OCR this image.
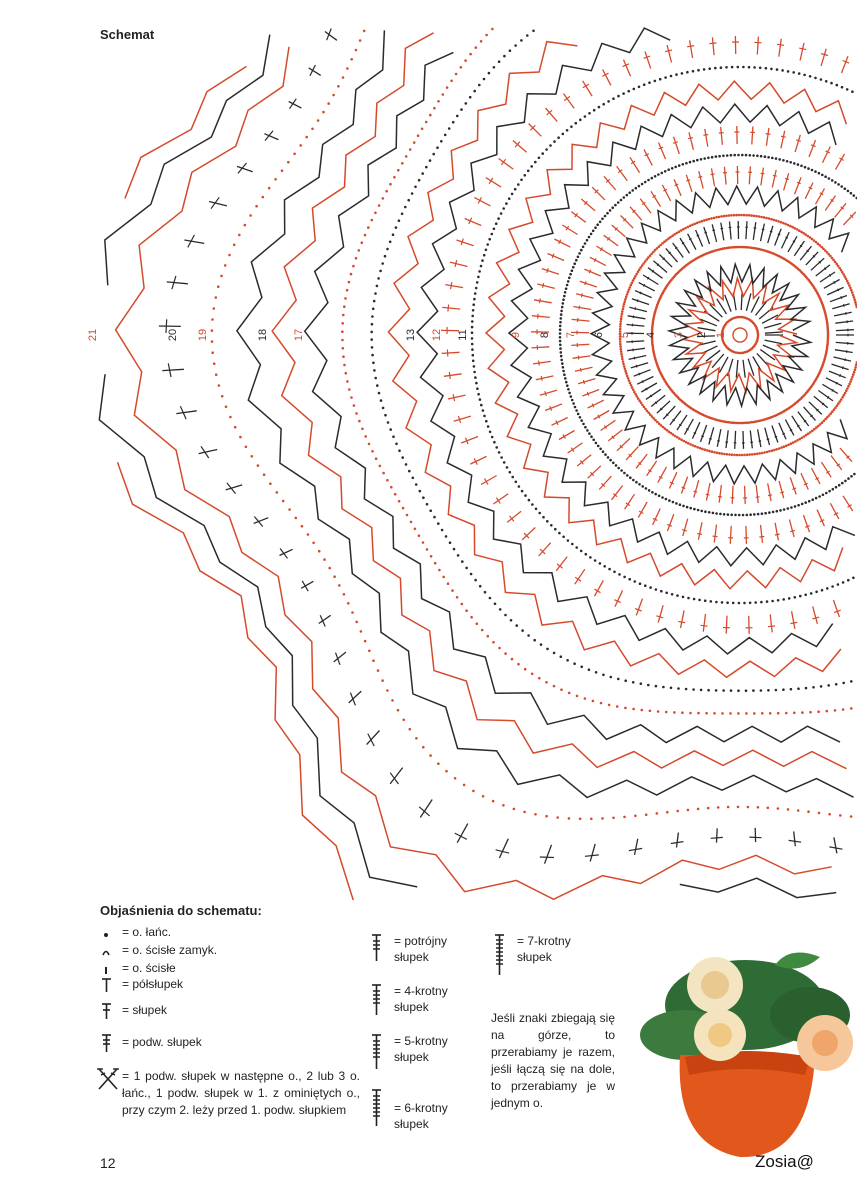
Schemat
21	20 19	18 17	13 12 11	9 8 7 6 5 4 3 2 1
Objaśnienia do schematu:
= o. łańc.
= o. ścisłe zamyk.
= o. ścisłe
= półsłupek
= słupek
= podw. słupek
= 1 podw. słupek w następne o., 2 lub 3 o. łańc., 1 podw. słupek w 1. z ominiętych o., przy czym 2. leży przed 1. podw. słupkiem
= potrójny słupek
= 4-krotny słupek
= 5-krotny słupek
= 6-krotny słupek
= 7-krotny słupek
Jeśli znaki zbiegają się na górze, to przerabiamy je razem, jeśli łączą się na dole, to przerabiamy je w jednym o.
12	Zosia@
